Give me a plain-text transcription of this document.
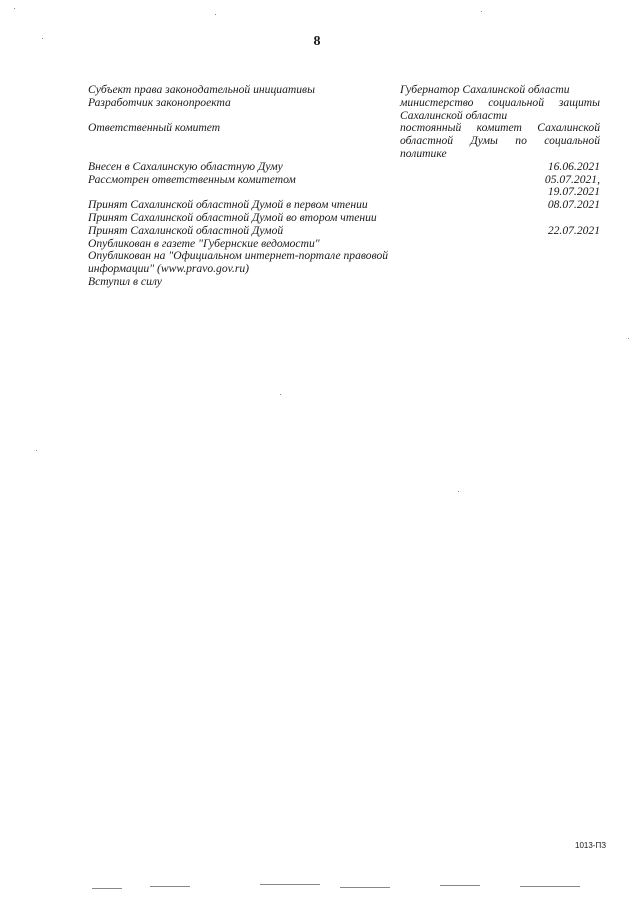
8
Субъект права законодательной инициативы	Губернатор Сахалинской области
Разработчик законопроекта	министерство социальной защиты
Сахалинской области
Ответственный комитет	постоянный комитет Сахалинской
областной Думы по социальной
политике
Внесен в Сахалинскую областную Думу	16.06.2021
Рассмотрен ответственным комитетом	05.07.2021,
19.07.2021
Принят Сахалинской областной Думой в первом чтении	08.07.2021
Принят Сахалинской областной Думой во втором чтении
Принят Сахалинской областной Думой	22.07.2021
Опубликован в газете "Губернские ведомости"
Опубликован на "Официальном интернет-портале правовой
информации" (www.pravo.gov.ru)
Вступил в силу
1013-ПЗ
